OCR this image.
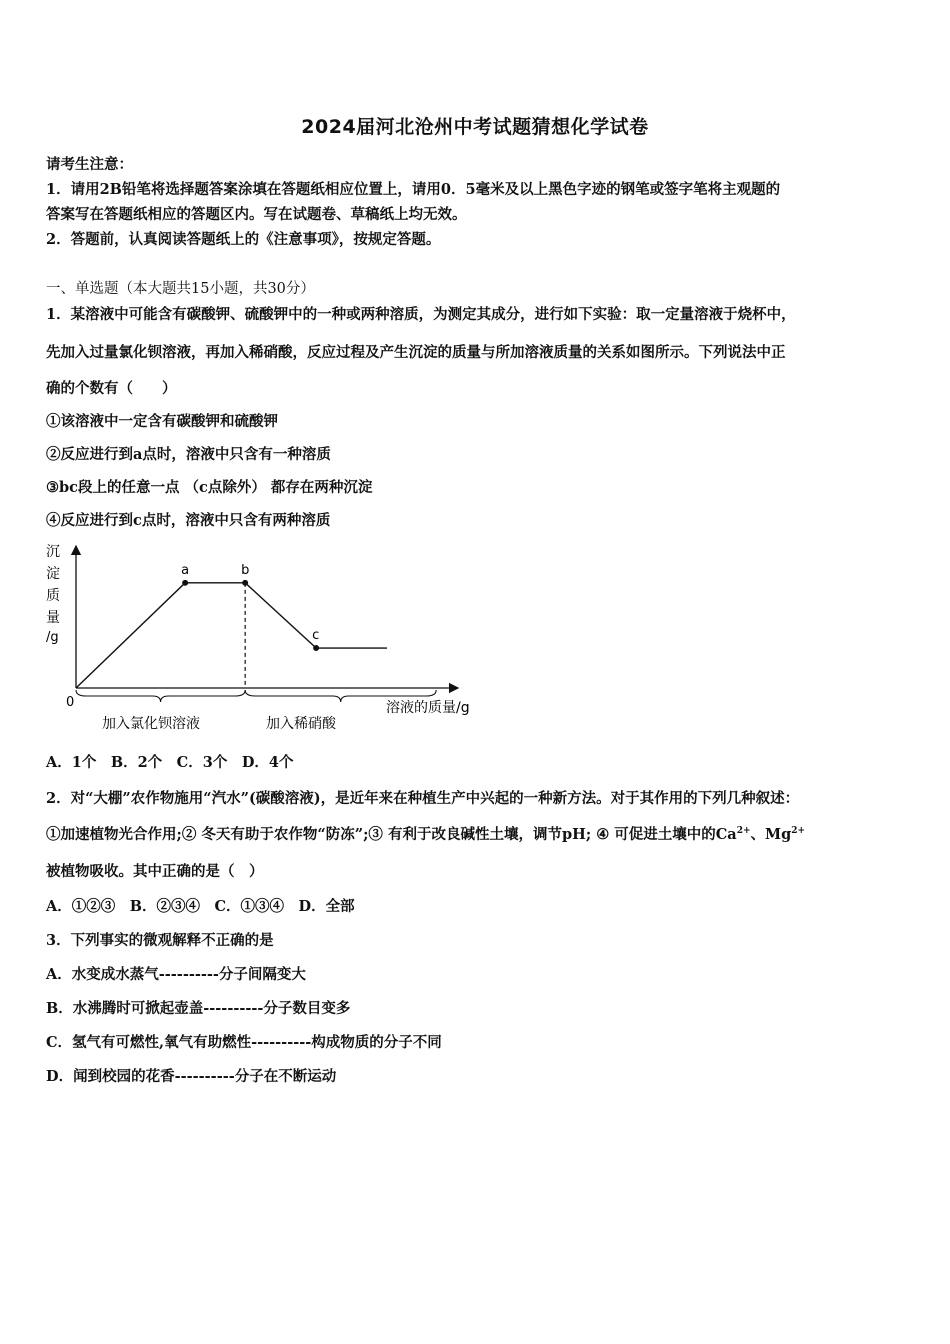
2024届河北沧州中考试题猜想化学试卷
请考生注意：
1．请用2B铅笔将选择题答案涂填在答题纸相应位置上，请用0．5毫米及以上黑色字迹的钢笔或签字笔将主观题的
答案写在答题纸相应的答题区内。写在试题卷、草稿纸上均无效。
2．答题前，认真阅读答题纸上的《注意事项》，按规定答题。
一、单选题（本大题共15小题，共30分）
1．某溶液中可能含有碳酸钾、硫酸钾中的一种或两种溶质，为测定其成分，进行如下实验：取一定量溶液于烧杯中，
先加入过量氯化钡溶液，再加入稀硝酸，反应过程及产生沉淀的质量与所加溶液质量的关系如图所示。下列说法中正
确的个数有（　　）
①该溶液中一定含有碳酸钾和硫酸钾
②反应进行到a点时，溶液中只含有一种溶质
③bc段上的任意一点 （c点除外） 都存在两种沉淀
④反应进行到c点时，溶液中只含有两种溶质
沉
淀
质
量
/g
0	溶液的质量/g
a	b
c
加入氯化钡溶液	加入稀硝酸
A．1个　B．2个　C．3个　D．4个
2．对“大棚”农作物施用“汽水”(碳酸溶液)，是近年来在种植生产中兴起的一种新方法。对于其作用的下列几种叙述：
①加速植物光合作用;② 冬天有助于农作物“防冻”;③ 有利于改良碱性土壤，调节pH; ④ 可促进土壤中的$Ca^{2+}$、$Mg^{2+}$
被植物吸收。其中正确的是（　）
A．①②③　B．②③④　C．①③④　D．全部
3．下列事实的微观解释不正确的是
A．水变成水蒸气----------分子间隔变大
B．水沸腾时可掀起壶盖----------分子数目变多
C．氢气有可燃性,氧气有助燃性----------构成物质的分子不同
D．闻到校园的花香----------分子在不断运动
